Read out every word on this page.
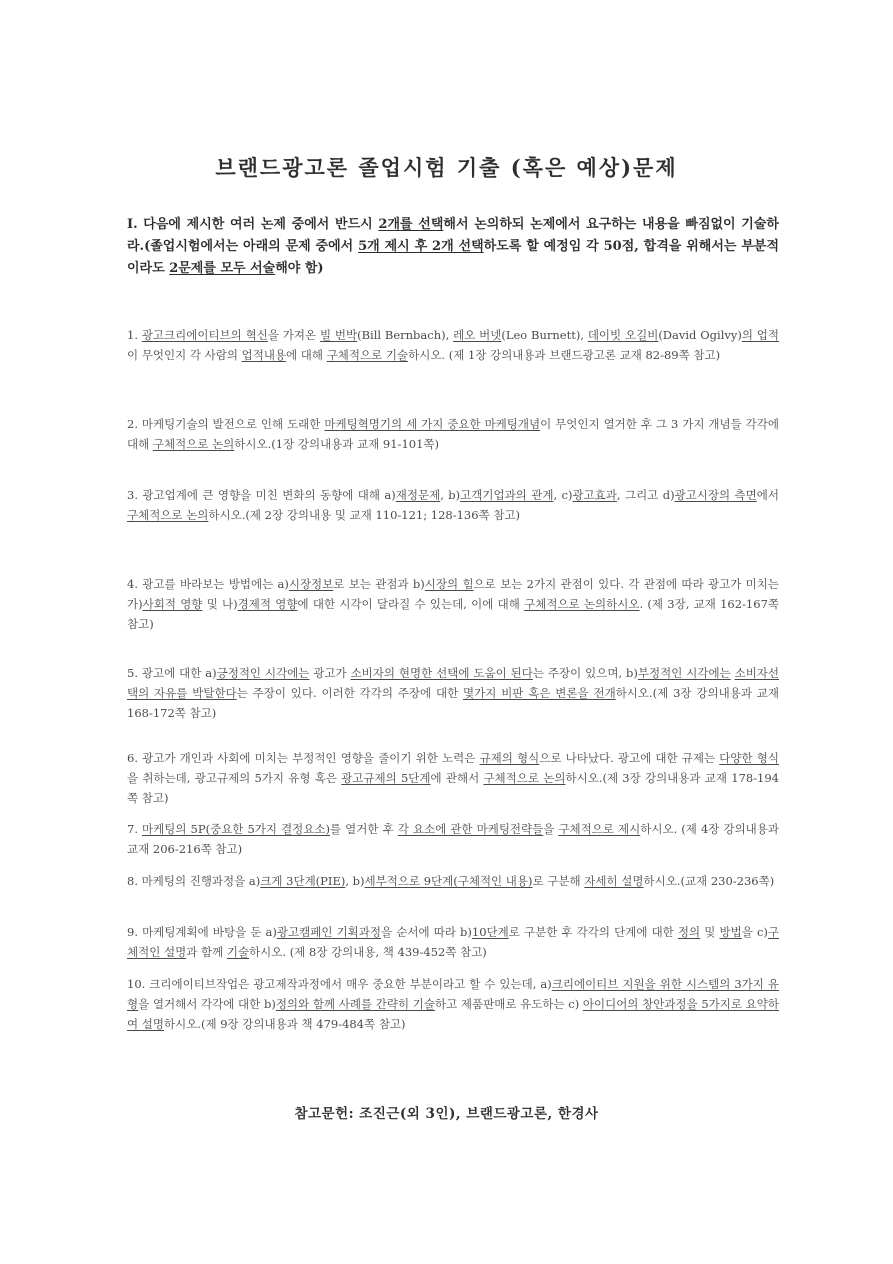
브랜드광고론 졸업시험 기출 (혹은 예상)문제

I. 다음에 제시한 여러 논제 중에서 반드시 2개를 선택해서 논의하되 논제에서 요구하는 내용을 빠짐없이 기술하라.(졸업시험에서는 아래의 문제 중에서 5개 제시 후 2개 선택하도록 할 예정임 각 50점, 합격을 위해서는 부분적이라도 2문제를 모두 서술해야 함)

1. 광고크리에이티브의 혁신을 가져온 빌 번박(Bill Bernbach), 레오 버넷(Leo Burnett), 데이빗 오길비(David Ogilvy)의 업적이 무엇인지 각 사람의 업적내용에 대해 구체적으로 기술하시오. (제 1장 강의내용과 브랜드광고론 교재 82-89쪽 참고)

2. 마케팅기술의 발전으로 인해 도래한 마케팅혁명기의 세 가지 중요한 마케팅개념이 무엇인지 열거한 후 그 3 가지 개념들 각각에 대해 구체적으로 논의하시오.(1장 강의내용과 교재 91-101쪽)

3. 광고업계에 큰 영향을 미친 변화의 동향에 대해 a)재정문제, b)고객기업과의 관계, c)광고효과, 그리고 d)광고시장의 측면에서 구체적으로 논의하시오.(제 2장 강의내용 및 교재 110-121; 128-136쪽 참고)

4. 광고를 바라보는 방법에는 a)시장정보로 보는 관점과 b)시장의 힘으로 보는 2가지 관점이 있다. 각 관점에 따라 광고가 미치는 가)사회적 영향 및 나)경제적 영향에 대한 시각이 달라질 수 있는데, 이에 대해 구체적으로 논의하시오. (제 3장, 교재 162-167쪽 참고)

5. 광고에 대한 a)긍정적인 시각에는 광고가 소비자의 현명한 선택에 도움이 된다는 주장이 있으며, b)부정적인 시각에는 소비자선택의 자유를 박탈한다는 주장이 있다. 이러한 각각의 주장에 대한 몇가지 비판 혹은 변론을 전개하시오.(제 3장 강의내용과 교재 168-172쪽 참고)

6. 광고가 개인과 사회에 미치는 부정적인 영향을 줄이기 위한 노력은 규제의 형식으로 나타났다. 광고에 대한 규제는 다양한 형식을 취하는데, 광고규제의 5가지 유형 혹은 광고규제의 5단계에 관해서 구체적으로 논의하시오.(제 3장 강의내용과 교재 178-194쪽 참고)

7. 마케팅의 5P(중요한 5가지 결정요소)를 열거한 후 각 요소에 관한 마케팅전략들을 구체적으로 제시하시오. (제 4장 강의내용과 교재 206-216쪽 참고)

8. 마케팅의 진행과정을 a)크게 3단계(PIE), b)세부적으로 9단계(구체적인 내용)로 구분해 자세히 설명하시오.(교재 230-236쪽)

9. 마케팅계획에 바탕을 둔 a)광고캠페인 기획과정을 순서에 따라 b)10단계로 구분한 후 각각의 단계에 대한 정의 및 방법을 c)구체적인 설명과 함께 기술하시오. (제 8장 강의내용, 책 439-452쪽 참고)

10. 크리에이티브작업은 광고제작과정에서 매우 중요한 부분이라고 할 수 있는데, a)크리에이티브 지원을 위한 시스템의 3가지 유형을 열거해서 각각에 대한 b)정의와 함께 사례를 간략히 기술하고 제품판매로 유도하는 c) 아이디어의 창안과정을 5가지로 요약하여 설명하시오.(제 9장 강의내용과 책 479-484쪽 참고)

참고문헌: 조진근(외 3인), 브랜드광고론, 한경사
